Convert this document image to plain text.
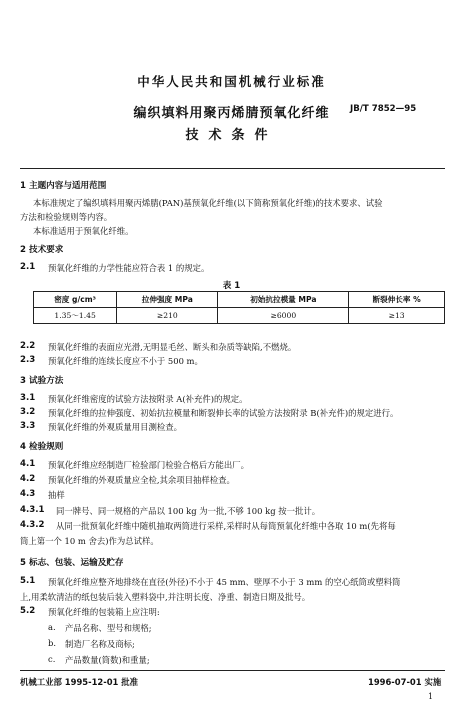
中华人民共和国机械行业标准
编织填料用聚丙烯腈预氧化纤维	JB/T 7852—95
技术条件
1 主题内容与适用范围
本标准规定了编织填料用聚丙烯腈(PAN)基预氧化纤维(以下简称预氧化纤维)的技术要求、试验
方法和检验规则等内容。
本标准适用于预氧化纤维。
2 技术要求
2.1 预氧化纤维的力学性能应符合表 1 的规定。
表 1
密度 g/cm³	拉伸强度 MPa	初始抗拉模量 MPa	断裂伸长率 %
1.35～1.45	≥210	≥6000	≥13
2.2 预氧化纤维的表面应光滑,无明显毛丝、断头和杂质等缺陷,不燃烧。
2.3 预氧化纤维的连续长度应不小于 500 m。
3 试验方法
3.1 预氧化纤维密度的试验方法按附录 A(补充件)的规定。
3.2 预氧化纤维的拉伸强度、初始抗拉模量和断裂伸长率的试验方法按附录 B(补充件)的规定进行。
3.3 预氧化纤维的外观质量用目测检查。
4 检验规则
4.1 预氧化纤维应经制造厂检验部门检验合格后方能出厂。
4.2 预氧化纤维的外观质量应全检,其余项目抽样检查。
4.3 抽样
4.3.1 同一牌号、同一规格的产品以 100 kg 为一批,不够 100 kg 按一批计。
4.3.2 从同一批预氧化纤维中随机抽取两筒进行采样,采样时从每筒预氧化纤维中各取 10 m(先将每
筒上第一个 10 m 舍去)作为总试样。
5 标志、包装、运输及贮存
5.1 预氧化纤维应整齐地排绕在直径(外径)不小于 45 mm、壁厚不小于 3 mm 的空心纸筒或塑料筒
上,用柔软清洁的纸包装后装入塑料袋中,并注明长度、净重、制造日期及批号。
5.2 预氧化纤维的包装箱上应注明:
a. 产品名称、型号和规格;
b. 制造厂名称及商标;
c. 产品数量(筒数)和重量;
机械工业部 1995-12-01 批准	1996-07-01 实施
1
